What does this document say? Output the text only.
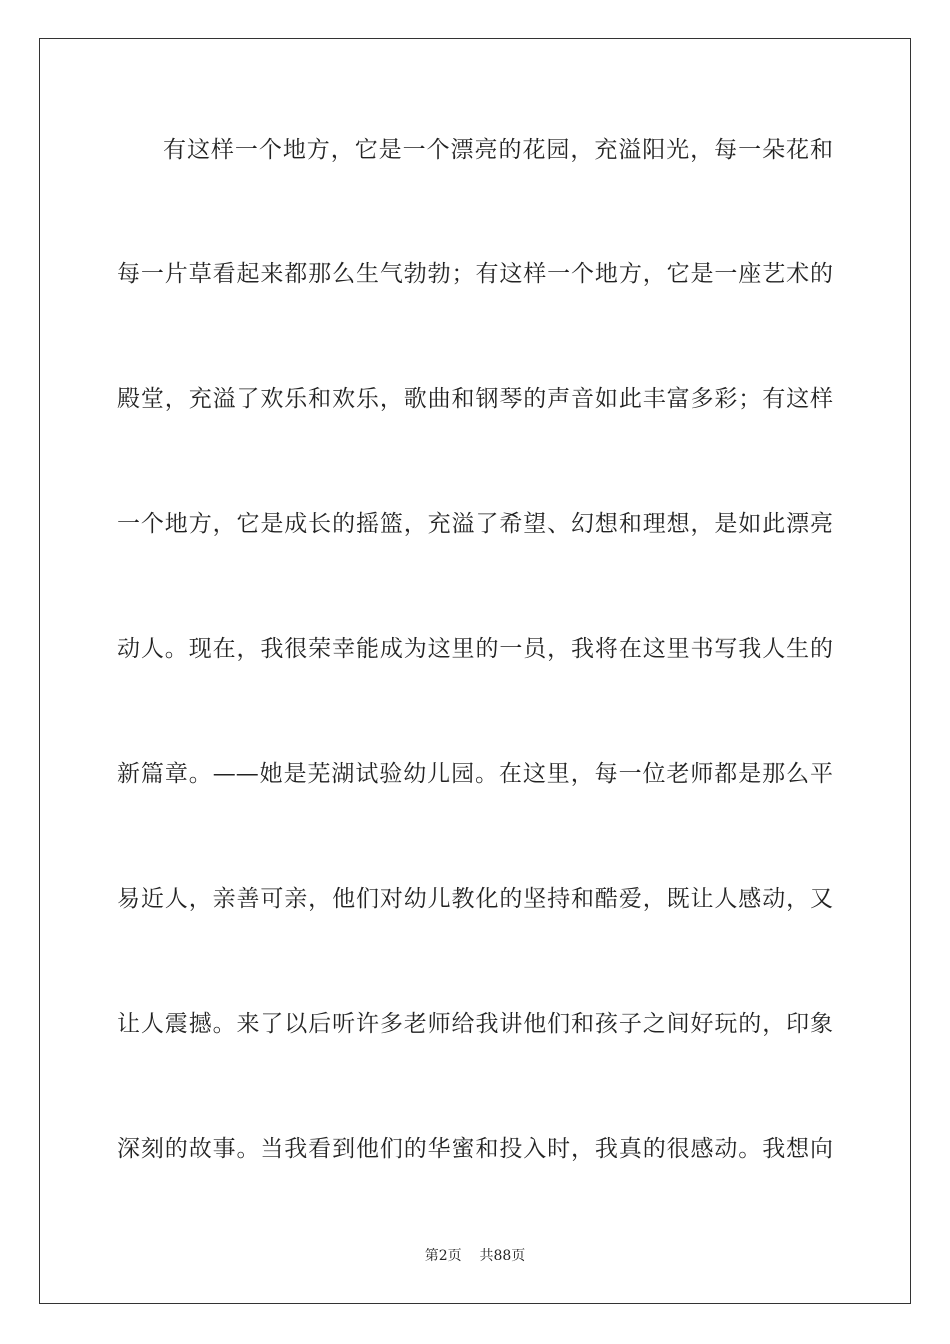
有这样一个地方，它是一个漂亮的花园，充溢阳光，每一朵花和
每一片草看起来都那么生气勃勃；有这样一个地方，它是一座艺术的
殿堂，充溢了欢乐和欢乐，歌曲和钢琴的声音如此丰富多彩；有这样
一个地方，它是成长的摇篮，充溢了希望、幻想和理想，是如此漂亮
动人。现在，我很荣幸能成为这里的一员，我将在这里书写我人生的
新篇章。——她是芜湖试验幼儿园。在这里，每一位老师都是那么平
易近人，亲善可亲，他们对幼儿教化的坚持和酷爱，既让人感动，又
让人震撼。来了以后听许多老师给我讲他们和孩子之间好玩的，印象
深刻的故事。当我看到他们的华蜜和投入时，我真的很感动。我想向
第2页    共88页
